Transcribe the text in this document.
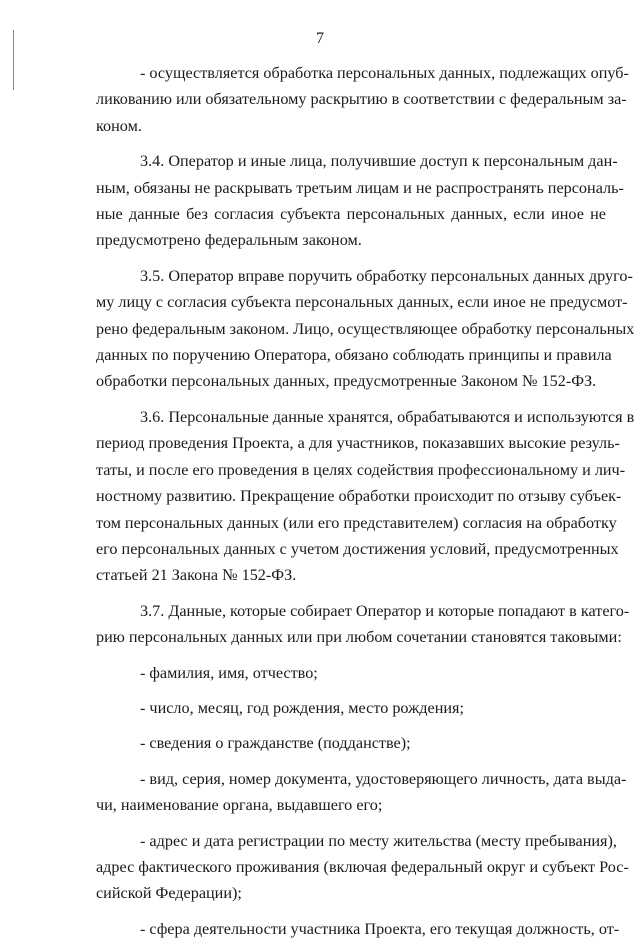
7
- осуществляется обработка персональных данных, подлежащих опуб-
ликованию или обязательному раскрытию в соответствии с федеральным за-
коном.
3.4. Оператор и иные лица, получившие доступ к персональным дан-
ным, обязаны не раскрывать третьим лицам и не распространять персональ-
ные данные без согласия субъекта персональных данных, если иное не
предусмотрено федеральным законом.
3.5. Оператор вправе поручить обработку персональных данных друго-
му лицу с согласия субъекта персональных данных, если иное не предусмот-
рено федеральным законом. Лицо, осуществляющее обработку персональных
данных по поручению Оператора, обязано соблюдать принципы и правила
обработки персональных данных, предусмотренные Законом № 152-ФЗ.
3.6. Персональные данные хранятся, обрабатываются и используются в
период проведения Проекта, а для участников, показавших высокие резуль-
таты, и после его проведения в целях содействия профессиональному и лич-
ностному развитию. Прекращение обработки происходит по отзыву субъек-
том персональных данных (или его представителем) согласия на обработку
его персональных данных с учетом достижения условий, предусмотренных
статьей 21 Закона № 152-ФЗ.
3.7. Данные, которые собирает Оператор и которые попадают в катего-
рию персональных данных или при любом сочетании становятся таковыми:
- фамилия, имя, отчество;
- число, месяц, год рождения, место рождения;
- сведения о гражданстве (подданстве);
- вид, серия, номер документа, удостоверяющего личность, дата выда-
чи, наименование органа, выдавшего его;
- адрес и дата регистрации по месту жительства (месту пребывания),
адрес фактического проживания (включая федеральный округ и субъект Рос-
сийской Федерации);
- сфера деятельности участника Проекта, его текущая должность, от-
